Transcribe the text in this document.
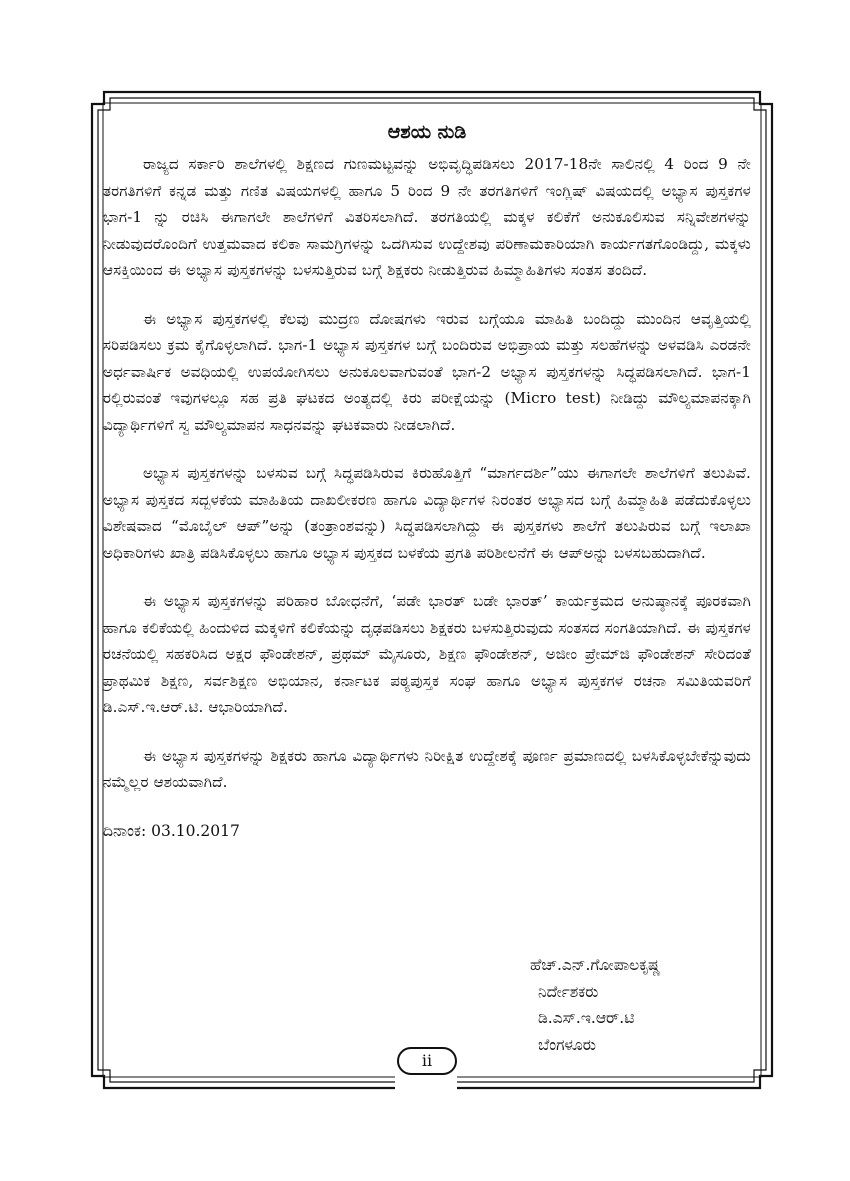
ಆಶಯ ನುಡಿ

ರಾಜ್ಯದ ಸರ್ಕಾರಿ ಶಾಲೆಗಳಲ್ಲಿ ಶಿಕ್ಷಣದ ಗುಣಮಟ್ಟವನ್ನು ಅಭಿವೃದ್ಧಿಪಡಿಸಲು 2017-18ನೇ ಸಾಲಿನಲ್ಲಿ 4 ರಿಂದ 9 ನೇ ತರಗತಿಗಳಿಗೆ ಕನ್ನಡ ಮತ್ತು ಗಣಿತ ವಿಷಯಗಳಲ್ಲಿ ಹಾಗೂ 5 ರಿಂದ 9 ನೇ ತರಗತಿಗಳಿಗೆ ಇಂಗ್ಲಿಷ್ ವಿಷಯದಲ್ಲಿ ಅಭ್ಯಾಸ ಪುಸ್ತಕಗಳ ಭಾಗ-1 ನ್ನು ರಚಿಸಿ ಈಗಾಗಲೇ ಶಾಲೆಗಳಿಗೆ ವಿತರಿಸಲಾಗಿದೆ. ತರಗತಿಯಲ್ಲಿ ಮಕ್ಕಳ ಕಲಿಕೆಗೆ ಅನುಕೂಲಿಸುವ ಸನ್ನಿವೇಶಗಳನ್ನು ನೀಡುವುದರೊಂದಿಗೆ ಉತ್ತಮವಾದ ಕಲಿಕಾ ಸಾಮಗ್ರಿಗಳನ್ನು ಒದಗಿಸುವ ಉದ್ದೇಶವು ಪರಿಣಾಮಕಾರಿಯಾಗಿ ಕಾರ್ಯಗತಗೊಂಡಿದ್ದು, ಮಕ್ಕಳು ಆಸಕ್ತಿಯಿಂದ ಈ ಅಭ್ಯಾಸ ಪುಸ್ತಕಗಳನ್ನು ಬಳಸುತ್ತಿರುವ ಬಗ್ಗೆ ಶಿಕ್ಷಕರು ನೀಡುತ್ತಿರುವ ಹಿಮ್ಮಾಹಿತಿಗಳು ಸಂತಸ ತಂದಿದೆ.

ಈ ಅಭ್ಯಾಸ ಪುಸ್ತಕಗಳಲ್ಲಿ ಕೆಲವು ಮುದ್ರಣ ದೋಷಗಳು ಇರುವ ಬಗ್ಗೆಯೂ ಮಾಹಿತಿ ಬಂದಿದ್ದು ಮುಂದಿನ ಆವೃತ್ತಿಯಲ್ಲಿ ಸರಿಪಡಿಸಲು ಕ್ರಮ ಕೈಗೊಳ್ಳಲಾಗಿದೆ. ಭಾಗ-1 ಅಭ್ಯಾಸ ಪುಸ್ತಕಗಳ ಬಗ್ಗೆ ಬಂದಿರುವ ಅಭಿಪ್ರಾಯ ಮತ್ತು ಸಲಹೆಗಳನ್ನು ಅಳವಡಿಸಿ ಎರಡನೇ ಅರ್ಧವಾರ್ಷಿಕ ಅವಧಿಯಲ್ಲಿ ಉಪಯೋಗಿಸಲು ಅನುಕೂಲವಾಗುವಂತೆ ಭಾಗ-2 ಅಭ್ಯಾಸ ಪುಸ್ತಕಗಳನ್ನು ಸಿದ್ಧಪಡಿಸಲಾಗಿದೆ. ಭಾಗ-1 ರಲ್ಲಿರುವಂತೆ ಇವುಗಳಲ್ಲೂ ಸಹ ಪ್ರತಿ ಘಟಕದ ಅಂತ್ಯದಲ್ಲಿ ಕಿರು ಪರೀಕ್ಷೆಯನ್ನು (Micro test) ನೀಡಿದ್ದು ಮೌಲ್ಯಮಾಪನಕ್ಕಾಗಿ ವಿದ್ಯಾರ್ಥಿಗಳಿಗೆ ಸ್ವ ಮೌಲ್ಯಮಾಪನ ಸಾಧನವನ್ನು ಘಟಕವಾರು ನೀಡಲಾಗಿದೆ.

ಅಭ್ಯಾಸ ಪುಸ್ತಕಗಳನ್ನು ಬಳಸುವ ಬಗ್ಗೆ ಸಿದ್ಧಪಡಿಸಿರುವ ಕಿರುಹೊತ್ತಿಗೆ “ಮಾರ್ಗದರ್ಶಿ”ಯು ಈಗಾಗಲೇ ಶಾಲೆಗಳಿಗೆ ತಲುಪಿವೆ. ಅಭ್ಯಾಸ ಪುಸ್ತಕದ ಸದ್ಬಳಕೆಯ ಮಾಹಿತಿಯ ದಾಖಲೀಕರಣ ಹಾಗೂ ವಿದ್ಯಾರ್ಥಿಗಳ ನಿರಂತರ ಅಭ್ಯಾಸದ ಬಗ್ಗೆ ಹಿಮ್ಮಾಹಿತಿ ಪಡೆದುಕೊಳ್ಳಲು ವಿಶೇಷವಾದ “ಮೊಬೈಲ್ ಆಪ್”ಅನ್ನು (ತಂತ್ರಾಂಶವನ್ನು) ಸಿದ್ಧಪಡಿಸಲಾಗಿದ್ದು ಈ ಪುಸ್ತಕಗಳು ಶಾಲೆಗೆ ತಲುಪಿರುವ ಬಗ್ಗೆ ಇಲಾಖಾ ಅಧಿಕಾರಿಗಳು ಖಾತ್ರಿ ಪಡಿಸಿಕೊಳ್ಳಲು ಹಾಗೂ ಅಭ್ಯಾಸ ಪುಸ್ತಕದ ಬಳಕೆಯ ಪ್ರಗತಿ ಪರಿಶೀಲನೆಗೆ ಈ ಆಪ್‌ಅನ್ನು ಬಳಸಬಹುದಾಗಿದೆ.

ಈ ಅಭ್ಯಾಸ ಪುಸ್ತಕಗಳನ್ನು ಪರಿಹಾರ ಬೋಧನೆಗೆ, ‘ಪಡೇ ಭಾರತ್ ಬಡೇ ಭಾರತ್’ ಕಾರ್ಯಕ್ರಮದ ಅನುಷ್ಠಾನಕ್ಕೆ ಪೂರಕವಾಗಿ ಹಾಗೂ ಕಲಿಕೆಯಲ್ಲಿ ಹಿಂದುಳಿದ ಮಕ್ಕಳಿಗೆ ಕಲಿಕೆಯನ್ನು ದೃಢಪಡಿಸಲು ಶಿಕ್ಷಕರು ಬಳಸುತ್ತಿರುವುದು ಸಂತಸದ ಸಂಗತಿಯಾಗಿದೆ. ಈ ಪುಸ್ತಕಗಳ ರಚನೆಯಲ್ಲಿ ಸಹಕರಿಸಿದ ಅಕ್ಷರ ಫೌಂಡೇಶನ್, ಪ್ರಥಮ್ ಮೈಸೂರು, ಶಿಕ್ಷಣ ಫೌಂಡೇಶನ್, ಅಜೀಂ ಪ್ರೇಮ್‌ಜಿ ಫೌಂಡೇಶನ್ ಸೇರಿದಂತೆ ಪ್ರಾಥಮಿಕ ಶಿಕ್ಷಣ, ಸರ್ವಶಿಕ್ಷಣ ಅಭಿಯಾನ, ಕರ್ನಾಟಕ ಪಠ್ಯಪುಸ್ತಕ ಸಂಘ ಹಾಗೂ ಅಭ್ಯಾಸ ಪುಸ್ತಕಗಳ ರಚನಾ ಸಮಿತಿಯವರಿಗೆ ಡಿ.ಎಸ್.ಇ.ಆರ್.ಟಿ. ಆಭಾರಿಯಾಗಿದೆ.

ಈ ಅಭ್ಯಾಸ ಪುಸ್ತಕಗಳನ್ನು ಶಿಕ್ಷಕರು ಹಾಗೂ ವಿದ್ಯಾರ್ಥಿಗಳು ನಿರೀಕ್ಷಿತ ಉದ್ದೇಶಕ್ಕೆ ಪೂರ್ಣ ಪ್ರಮಾಣದಲ್ಲಿ ಬಳಸಿಕೊಳ್ಳಬೇಕೆನ್ನುವುದು ನಮ್ಮೆಲ್ಲರ ಆಶಯವಾಗಿದೆ.

ದಿನಾಂಕ: 03.10.2017
ಹೆಚ್.ಎನ್.ಗೋಪಾಲಕೃಷ್ಣ
ನಿರ್ದೇಶಕರು
ಡಿ.ಎಸ್.ಇ.ಆರ್.ಟಿ
ಬೆಂಗಳೂರು
ii
